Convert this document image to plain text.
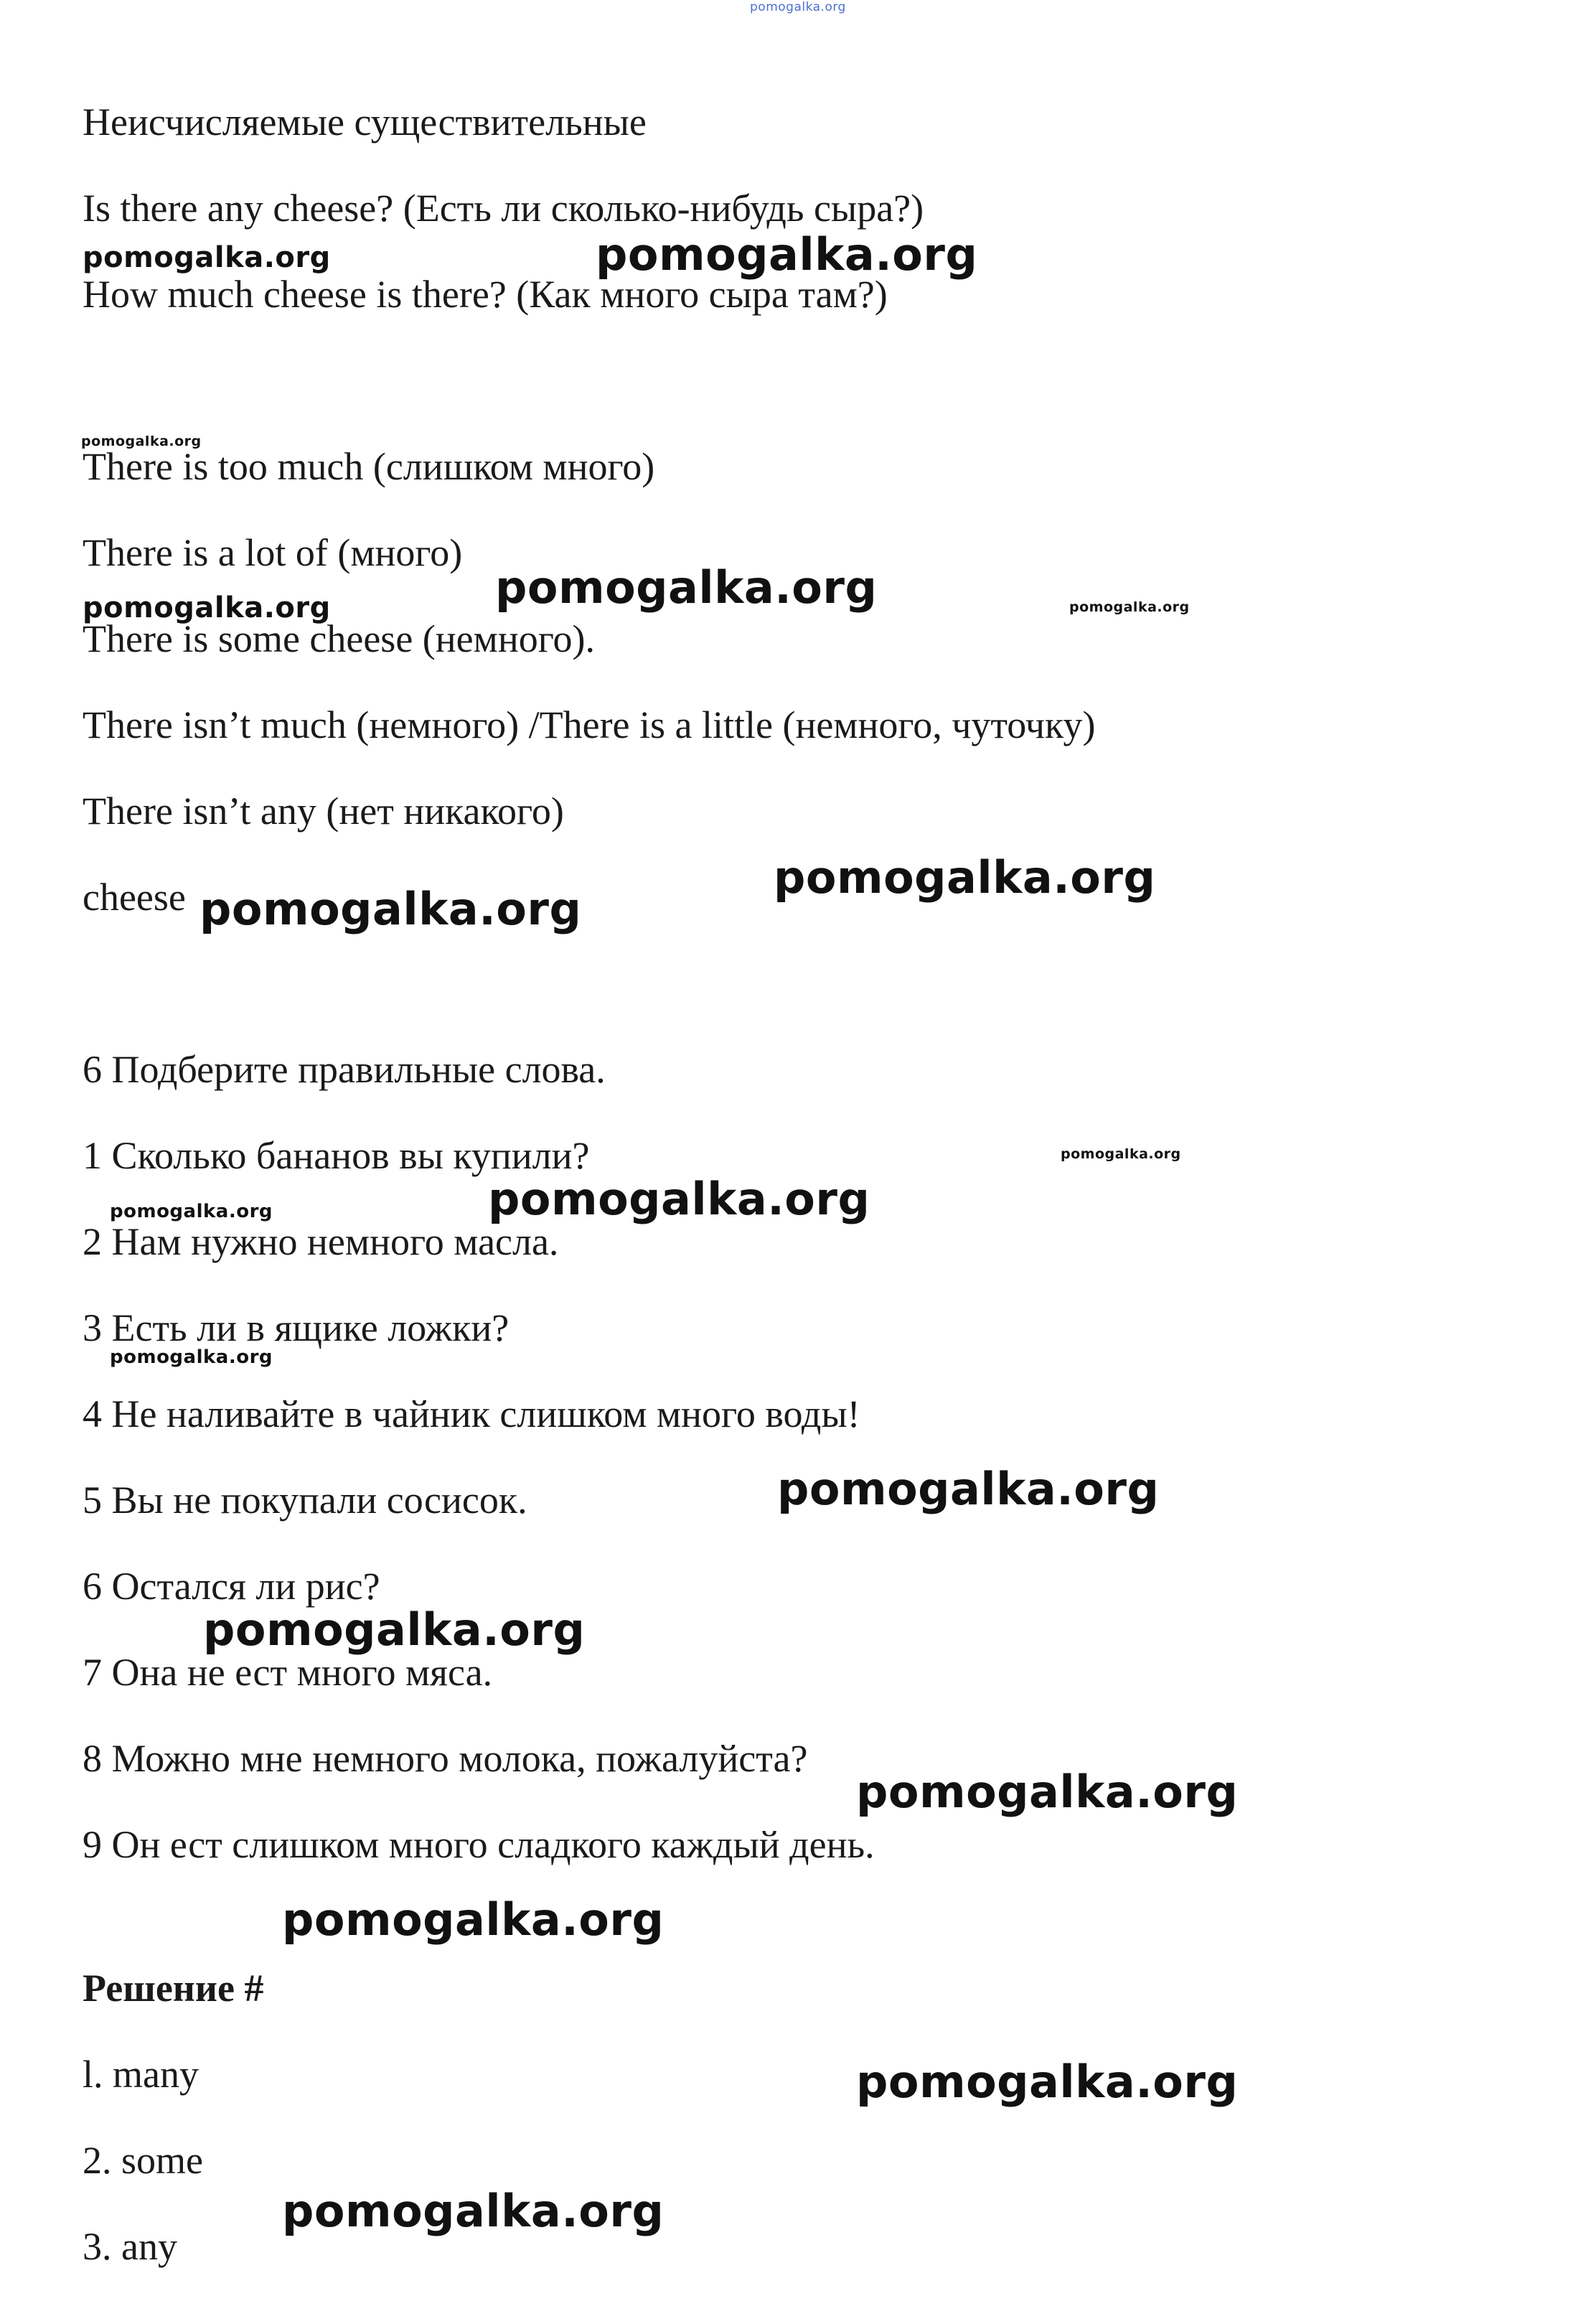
pomogalka.org
Неисчисляемые существительные
Is there any cheese? (Есть ли сколько-нибудь сыра?)
How much cheese is there? (Как много сыра там?)
There is too much (слишком много)
There is a lot of (много)
There is some cheese (немного).
There isn’t much (немного) /There is a little (немного, чуточку)
There isn’t any (нет никакого)
cheese
6 Подберите правильные слова.
1 Сколько бананов вы купили?
2 Нам нужно немного масла.
3 Есть ли в ящике ложки?
4 Не наливайте в чайник слишком много воды!
5 Вы не покупали сосисок.
6 Остался ли рис?
7 Она не ест много мяса.
8 Можно мне немного молока, пожалуйста?
9 Он ест слишком много сладкого каждый день.
Решение #
l. many
2. some
3. any
pomogalka.org	pomogalka.org
pomogalka.org
pomogalka.org	pomogalka.org	pomogalka.org
pomogalka.org
pomogalka.org
pomogalka.org
pomogalka.org	pomogalka.org
pomogalka.org
pomogalka.org
pomogalka.org
pomogalka.org
pomogalka.org
pomogalka.org
pomogalka.org
